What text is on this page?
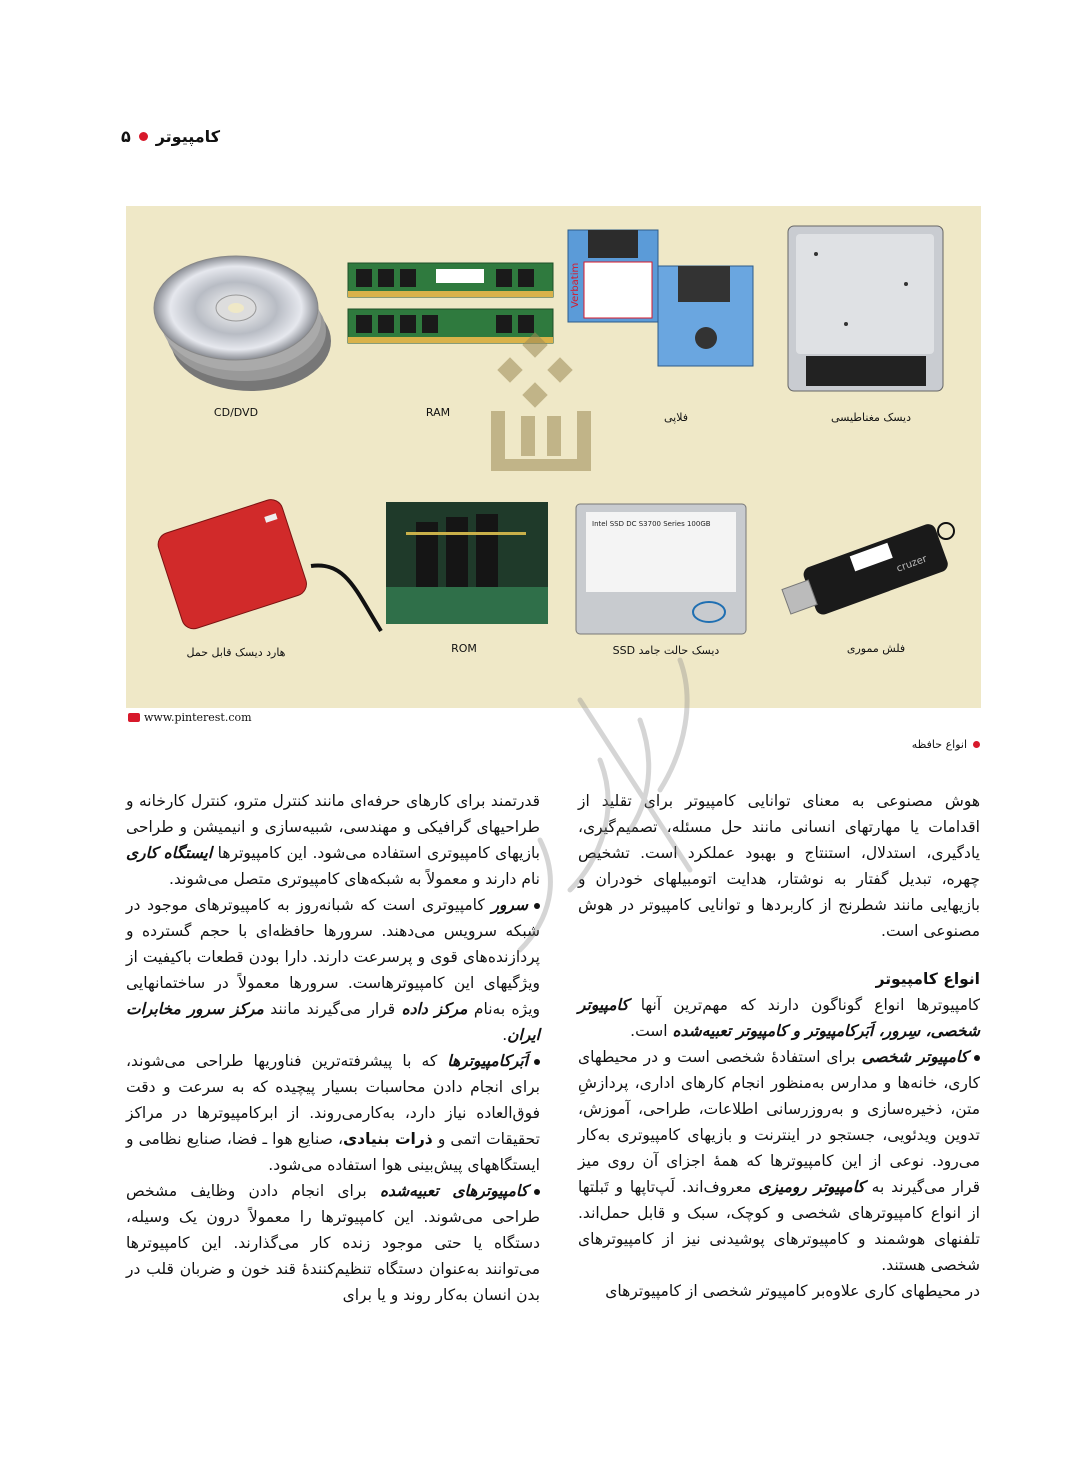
کامپیوتر
۵
Verbatim
CD/DVD	RAM	فلاپی	دیسک مغناطیسی
Intel SSD DC S3700 Series 100GB
cruzer
هارد دیسک قابل حمل	ROM	دیسک حالت جامد SSD	فلش مموری
www.pinterest.com
انواع حافظه

هوش مصنوعی به معنای توانایی کامپیوتر برای تقلید از اقدامات یا مهارتهای انسانی مانند حل مسئله، تصمیم‌گیری، یادگیری، استدلال، استنتاج و بهبود عملکرد است. تشخیص چهره، تبدیل گفتار به نوشتار، هدایت اتومبیلهای خودران و بازیهایی مانند شطرنج از کاربردها و توانایی کامپیوتر در هوش مصنوعی است.

انواع کامپیوتر

کامپیوترها انواع گوناگون دارند که مهم‌ترین آنها کامپیوتر شخصی، سِرور، اَبَرکامپیوتر و کامپیوتر تعبیه‌شده است.

کامپیوتر شخصی برای استفادهٔ شخصی است و در محیطهای کاری، خانه‌ها و مدارس به‌منظور انجام کارهای اداری، پردازشِ متن، ذخیره‌سازی و به‌روزرسانی اطلاعات، طراحی، آموزش، تدوین ویدئویی، جستجو در اینترنت و بازیهای کامپیوتری به‌کار می‌رود. نوعی از این کامپیوترها که همهٔ اجزای آن روی میز قرار می‌گیرند به کامپیوتر رومیزی معروف‌اند. لَپ‌تاپها و تَبلتها از انواع کامپیوترهای شخصی و کوچک، سبک و قابل حمل‌اند. تلفنهای هوشمند و کامپیوترهای پوشیدنی نیز از کامپیوترهای شخصی هستند.

در محیطهای کاری علاوه‌بر کامپیوتر شخصی از کامپیوترهای

قدرتمند برای کارهای حرفه‌ای مانند کنترل مترو، کنترل کارخانه و طراحیهای گرافیکی و مهندسی، شبیه‌سازی و انیمیشن و طراحی بازیهای کامپیوتری استفاده می‌شود. این کامپیوترها ایستگاه کاری نام دارند و معمولاً به شبکه‌های کامپیوتری متصل می‌شوند.

سرور کامپیوتری است که شبانه‌روز به کامپیوترهای موجود در شبکه سرویس می‌دهند. سرورها حافظه‌ای با حجم گسترده و پردازنده‌های قوی و پرسرعت دارند. دارا بودن قطعات باکیفیت از ویژگیهای این کامپیوترهاست. سرورها معمولاً در ساختمانهایی ویژه به‌نام مرکز داده قرار می‌گیرند مانند مرکز سرور مخابرات ایران.

اَبَرکامپیوترها که با پیشرفته‌ترین فناوریها طراحی می‌شوند، برای انجام دادن محاسبات بسیار پیچیده که به سرعت و دقت فوق‌العاده نیاز دارد، به‌کارمی‌روند. از ابرکامپیوترها در مراکز تحقیقات اتمی و ذرات بنیادی، صنایع هوا ـ فضا، صنایع نظامی و ایستگاههای پیش‌بینی هوا استفاده می‌شود.

کامپیوترهای تعبیه‌شده برای انجام دادن وظایف مشخص طراحی می‌شوند. این کامپیوترها را معمولاً درون یک وسیله، دستگاه یا حتی موجود زنده کار می‌گذارند. این کامپیوترها می‌توانند به‌عنوان دستگاه تنظیم‌کنندهٔ قند خون و ضربان قلب در بدن انسان به‌کار روند و یا برای
